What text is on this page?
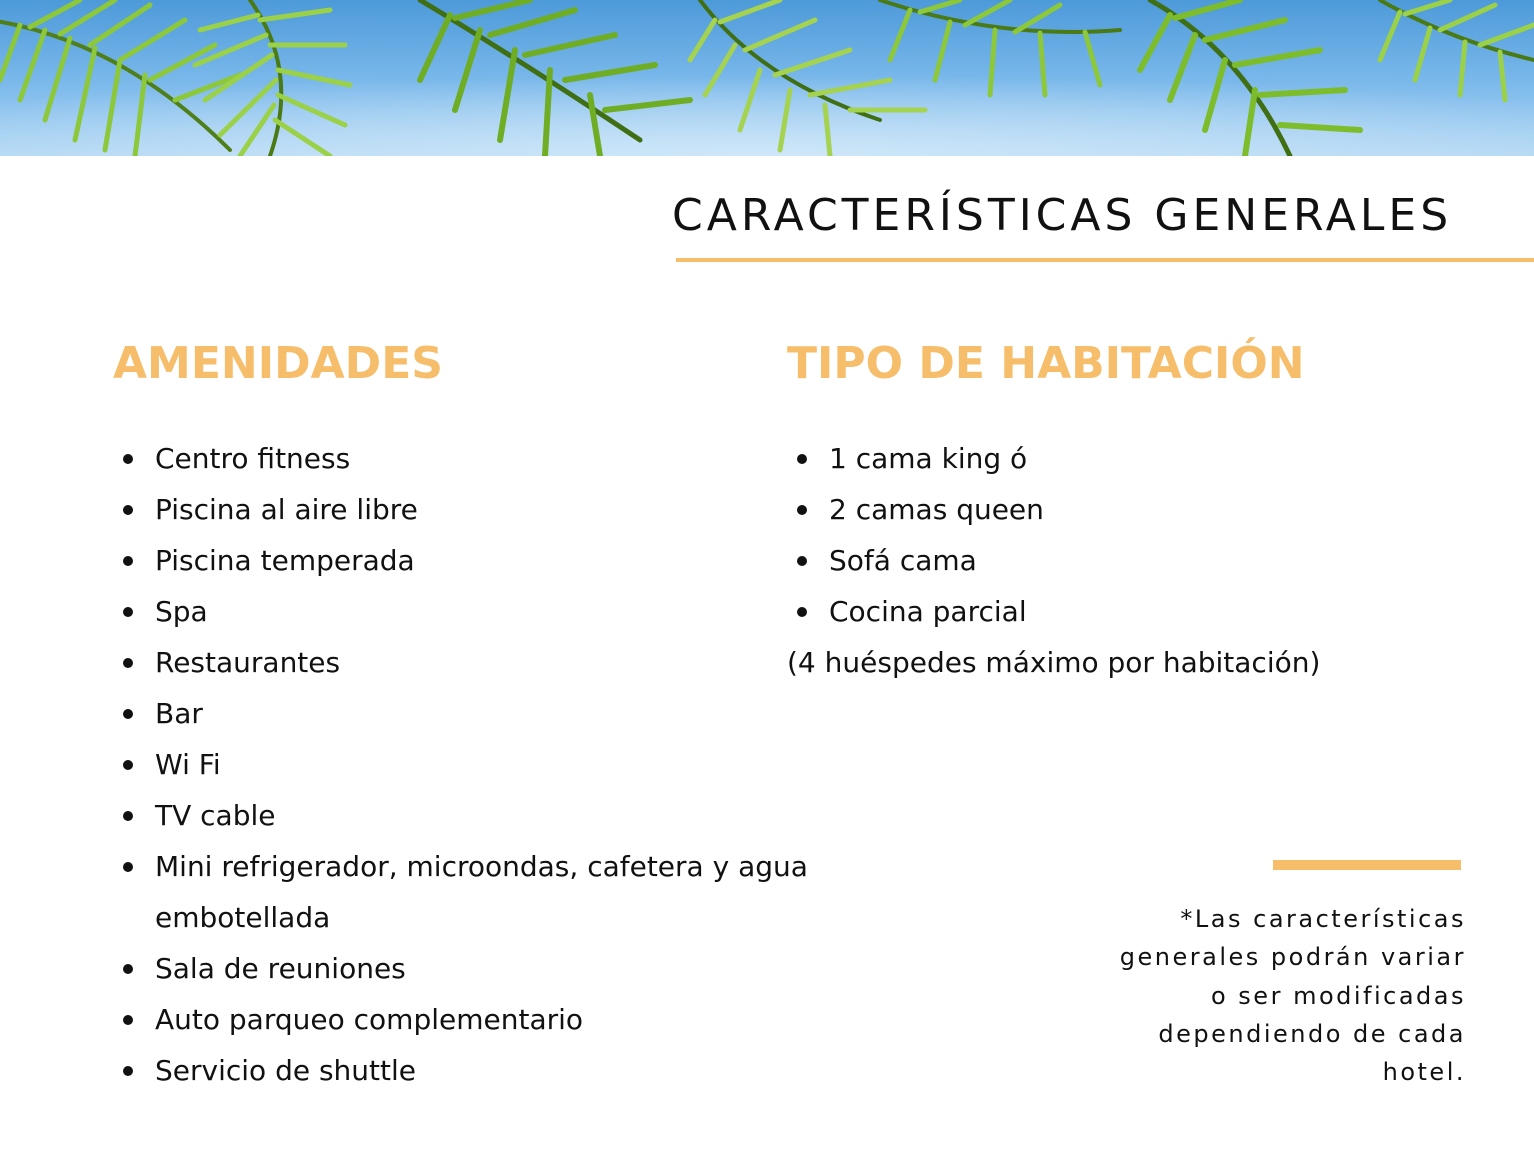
CARACTERÍSTICAS GENERALES
AMENIDADES
Centro fitness
Piscina al aire libre
Piscina temperada
Spa
Restaurantes
Bar
Wi Fi
TV cable
Mini refrigerador, microondas, cafetera y agua embotellada
Sala de reuniones
Auto parqueo complementario
Servicio de shuttle
TIPO DE HABITACIÓN
1 cama king ó
2 camas queen
Sofá cama
Cocina parcial

(4 huéspedes máximo por habitación)

*Las características generales podrán variar o ser modificadas dependiendo de cada hotel.
